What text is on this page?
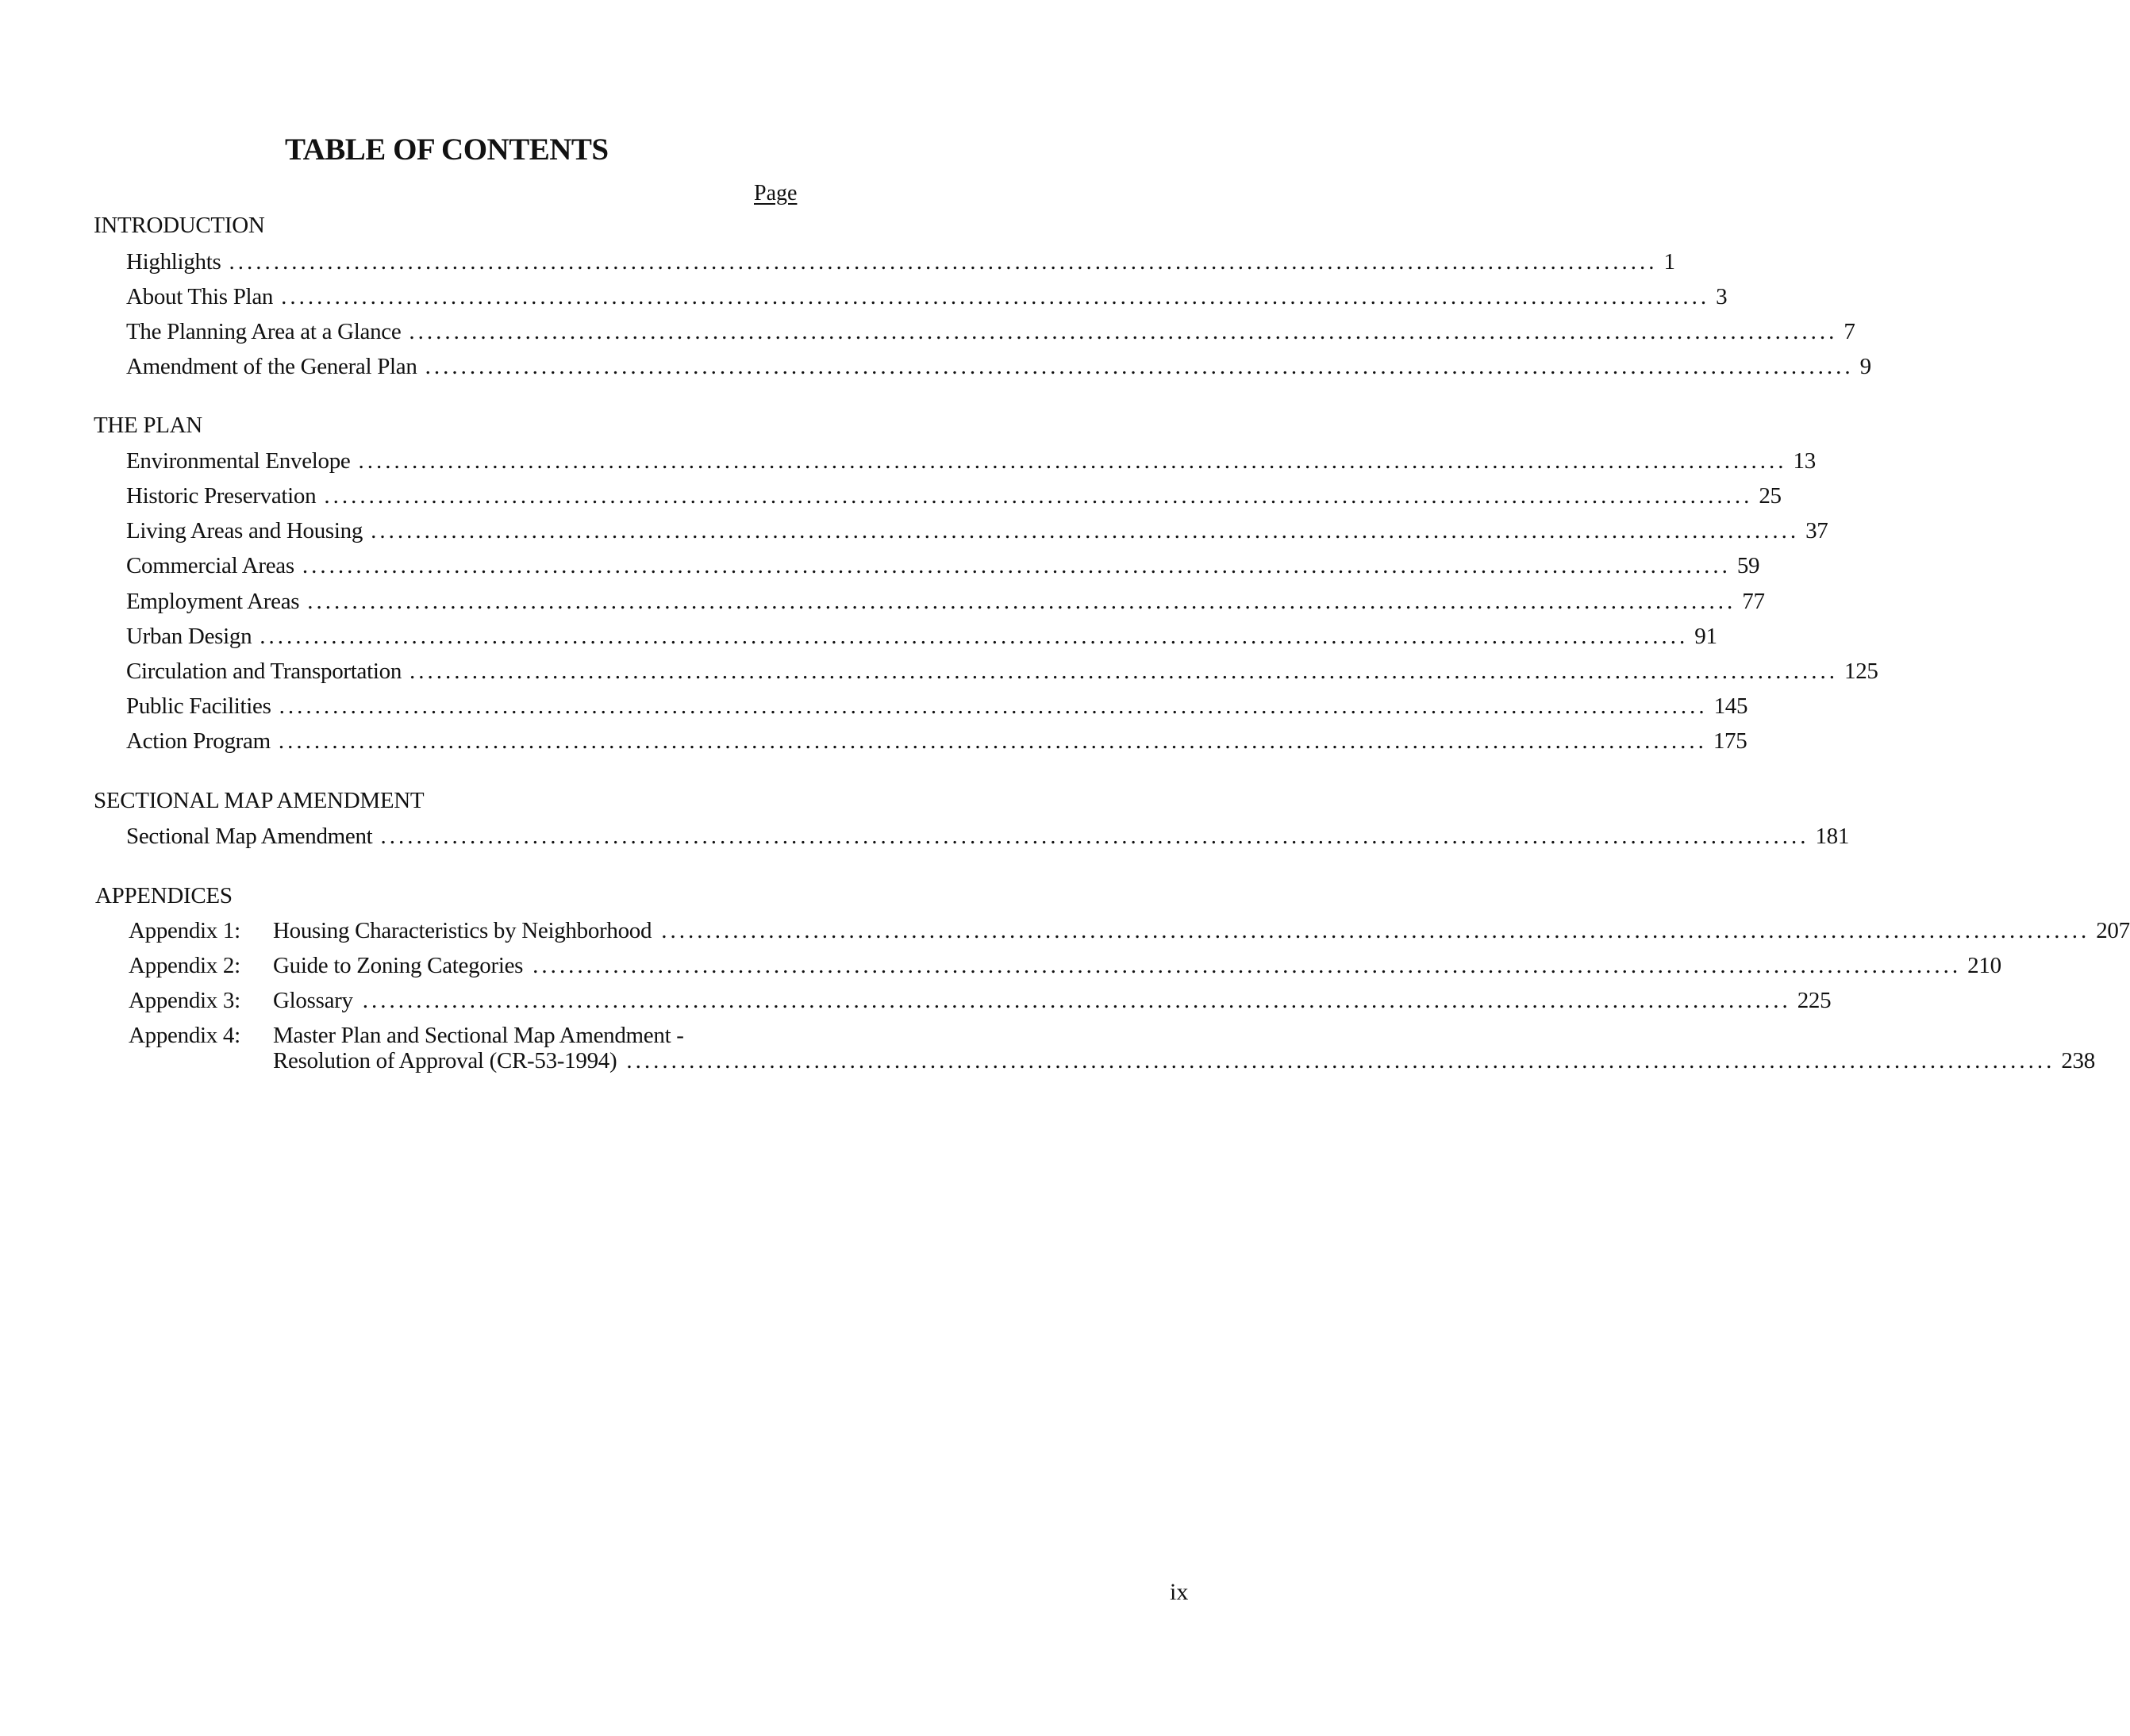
TABLE OF CONTENTS
Page
INTRODUCTION
Highlights ................................................................................................................................................................ 1
About This Plan ................................................................................................................................................................ 3
The Planning Area at a Glance ................................................................................................................................................................ 7
Amendment of the General Plan ................................................................................................................................................................ 9
THE PLAN
Environmental Envelope ................................................................................................................................................................ 13
Historic Preservation ................................................................................................................................................................ 25
Living Areas and Housing ................................................................................................................................................................ 37
Commercial Areas ................................................................................................................................................................ 59
Employment Areas ................................................................................................................................................................ 77
Urban Design ................................................................................................................................................................ 91
Circulation and Transportation ................................................................................................................................................................ 125
Public Facilities ................................................................................................................................................................ 145
Action Program ................................................................................................................................................................ 175
SECTIONAL MAP AMENDMENT
Sectional Map Amendment ................................................................................................................................................................ 181
APPENDICES
Appendix 1: Housing Characteristics by Neighborhood ................................................................................................................................................................ 207
Appendix 2: Guide to Zoning Categories ................................................................................................................................................................ 210
Appendix 3: Glossary ................................................................................................................................................................ 225
Appendix 4: Master Plan and Sectional Map Amendment -
Resolution of Approval (CR-53-1994) ................................................................................................................................................................ 238
ix
